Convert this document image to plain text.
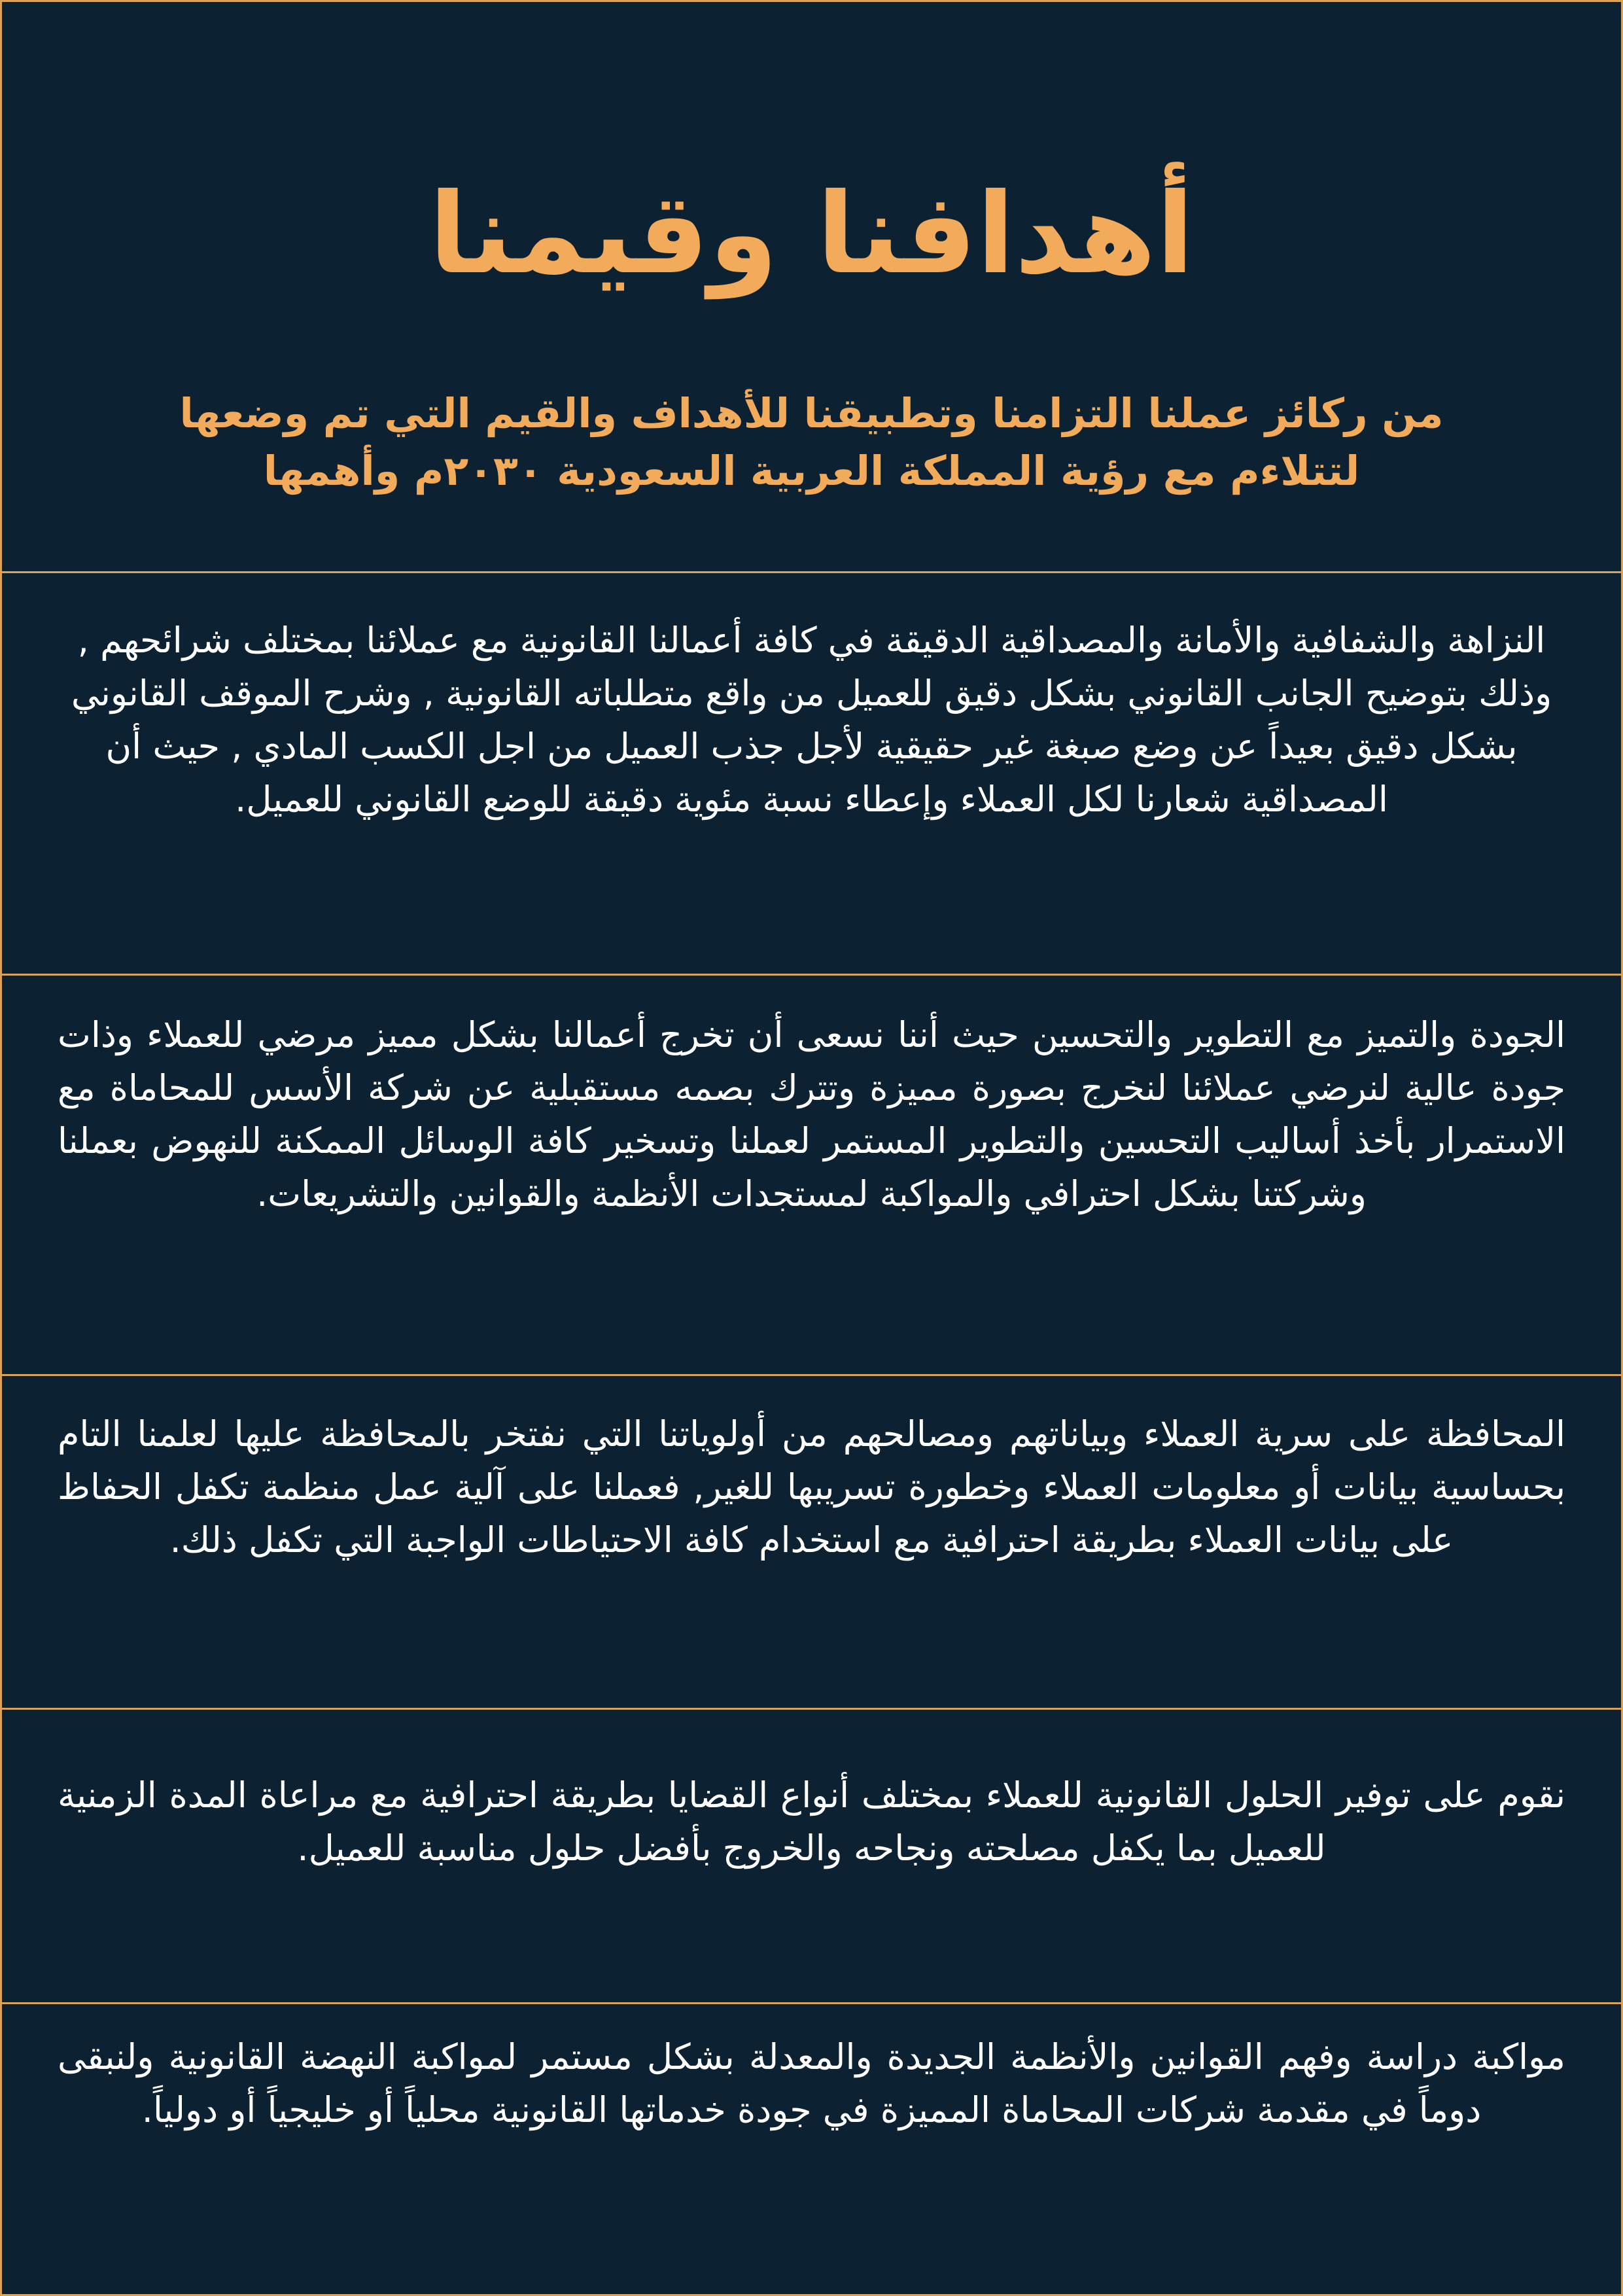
أهدافنا وقيمنا

من ركائز عملنا التزامنا وتطبيقنا للأهداف والقيم التي تم وضعها لتتلاءم مع رؤية المملكة العربية السعودية ٢٠٣٠م وأهمها

النزاهة والشفافية والأمانة والمصداقية الدقيقة في كافة أعمالنا القانونية مع عملائنا بمختلف شرائحهم , وذلك بتوضيح الجانب القانوني بشكل دقيق للعميل من واقع متطلباته القانونية , وشرح الموقف القانوني بشكل دقيق بعيداً عن وضع صبغة غير حقيقية لأجل جذب العميل من اجل الكسب المادي , حيث أن المصداقية شعارنا لكل العملاء وإعطاء نسبة مئوية دقيقة للوضع القانوني للعميل.

الجودة والتميز مع التطوير والتحسين حيث أننا نسعى أن تخرج أعمالنا بشكل مميز مرضي للعملاء وذات جودة عالية لنرضي عملائنا لنخرج بصورة مميزة وتترك بصمه مستقبلية عن شركة الأسس للمحاماة مع الاستمرار بأخذ أساليب التحسين والتطوير المستمر لعملنا وتسخير كافة الوسائل الممكنة للنهوض بعملنا وشركتنا بشكل احترافي والمواكبة لمستجدات الأنظمة والقوانين والتشريعات.

المحافظة على سرية العملاء وبياناتهم ومصالحهم من أولوياتنا التي نفتخر بالمحافظة عليها لعلمنا التام بحساسية بيانات أو معلومات العملاء وخطورة تسريبها للغير, فعملنا على آلية عمل منظمة تكفل الحفاظ على بيانات العملاء بطريقة احترافية مع استخدام كافة الاحتياطات الواجبة التي تكفل ذلك.

نقوم على توفير الحلول القانونية للعملاء بمختلف أنواع القضايا بطريقة احترافية مع مراعاة المدة الزمنية للعميل بما يكفل مصلحته ونجاحه والخروج بأفضل حلول مناسبة للعميل.

مواكبة دراسة وفهم القوانين والأنظمة الجديدة والمعدلة بشكل مستمر لمواكبة النهضة القانونية ولنبقى دوماً في مقدمة شركات المحاماة المميزة في جودة خدماتها القانونية محلياً أو خليجياً أو دولياً.
